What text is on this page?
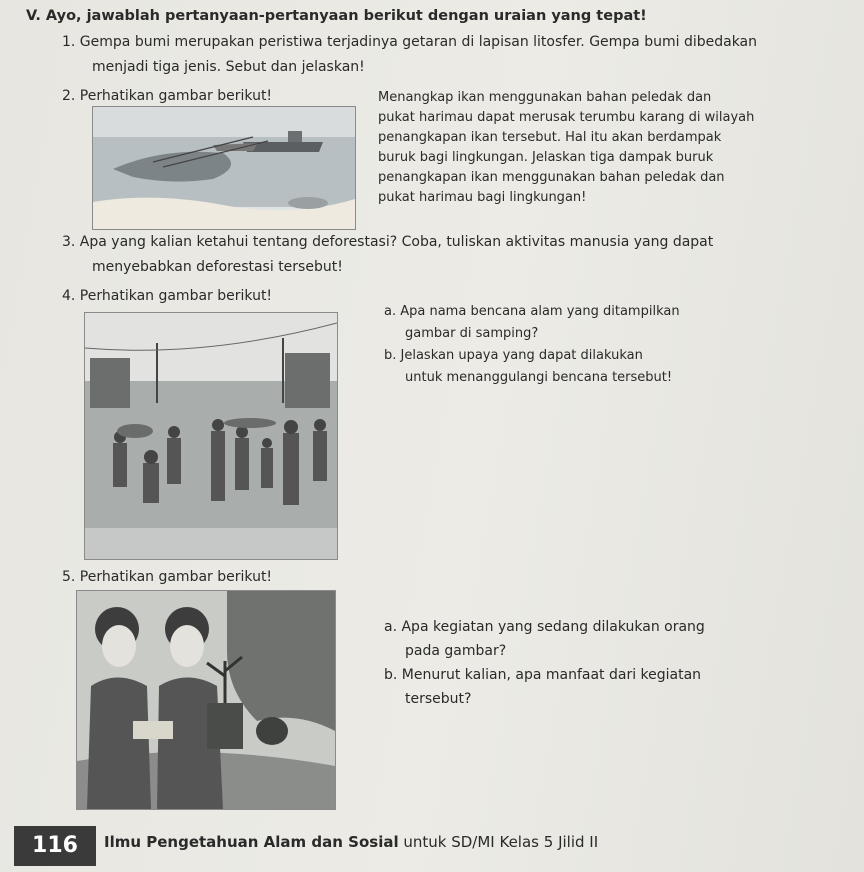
V. Ayo, jawablah pertanyaan-pertanyaan berikut dengan uraian yang tepat!
1. Gempa bumi merupakan peristiwa terjadinya getaran di lapisan litosfer. Gempa bumi dibedakan
menjadi tiga jenis. Sebut dan jelaskan!
2. Perhatikan gambar berikut!	Menangkap ikan menggunakan bahan peledak dan
pukat harimau dapat merusak terumbu karang di wilayah
penangkapan ikan tersebut. Hal itu akan berdampak
buruk bagi lingkungan. Jelaskan tiga dampak buruk
penangkapan ikan menggunakan bahan peledak dan
pukat harimau bagi lingkungan!
3. Apa yang kalian ketahui tentang deforestasi? Coba, tuliskan aktivitas manusia yang dapat
menyebabkan deforestasi tersebut!
4. Perhatikan gambar berikut!
a. Apa nama bencana alam yang ditampilkan
gambar di samping?
b. Jelaskan upaya yang dapat dilakukan
untuk menanggulangi bencana tersebut!
5. Perhatikan gambar berikut!
a. Apa kegiatan yang sedang dilakukan orang
pada gambar?
b. Menurut kalian, apa manfaat dari kegiatan
tersebut?
116	Ilmu Pengetahuan Alam dan Sosial untuk SD/MI Kelas 5 Jilid II
